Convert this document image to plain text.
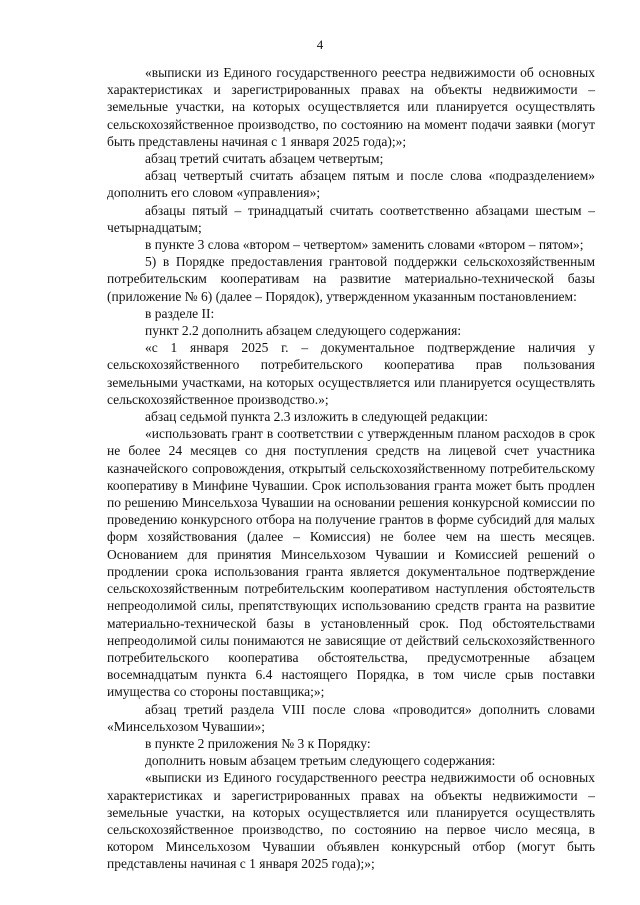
4

«выписки из Единого государственного реестра недвижимости об основных характеристиках и зарегистрированных правах на объекты недвижимости – земельные участки, на которых осуществляется или планируется осуществлять сельскохозяйственное производство, по состоянию на момент подачи заявки (могут быть представлены начиная с 1 января 2025 года);»;

абзац третий считать абзацем четвертым;

абзац четвертый считать абзацем пятым и после слова «подразделением» дополнить его словом «управления»;

абзацы пятый – тринадцатый считать соответственно абзацами шестым – четырнадцатым;

в пункте 3 слова «втором – четвертом» заменить словами «втором – пятом»;

5) в Порядке предоставления грантовой поддержки сельскохозяйственным потребительским кооперативам на развитие материально-технической базы (приложение № 6) (далее – Порядок), утвержденном указанным постановлением:

в разделе II:

пункт 2.2 дополнить абзацем следующего содержания:

«с 1 января 2025 г. – документальное подтверждение наличия у сельскохозяйственного потребительского кооператива прав пользования земельными участками, на которых осуществляется или планируется осуществлять сельскохозяйственное производство.»;

абзац седьмой пункта 2.3 изложить в следующей редакции:

«использовать грант в соответствии с утвержденным планом расходов в срок не более 24 месяцев со дня поступления средств на лицевой счет участника казначейского сопровождения, открытый сельскохозяйственному потребительскому кооперативу в Минфине Чувашии. Срок использования гранта может быть продлен по решению Минсельхоза Чувашии на основании решения конкурсной комиссии по проведению конкурсного отбора на получение грантов в форме субсидий для малых форм хозяйствования (далее – Комиссия) не более чем на шесть месяцев. Основанием для принятия Минсельхозом Чувашии и Комиссией решений о продлении срока использования гранта является документальное подтверждение сельскохозяйственным потребительским кооперативом наступления обстоятельств непреодолимой силы, препятствующих использованию средств гранта на развитие материально-технической базы в установленный срок. Под обстоятельствами непреодолимой силы понимаются не зависящие от действий сельскохозяйственного потребительского кооператива обстоятельства, предусмотренные абзацем восемнадцатым пункта 6.4 настоящего Порядка, в том числе срыв поставки имущества со стороны поставщика;»;

абзац третий раздела VIII после слова «проводится» дополнить словами «Минсельхозом Чувашии»;

в пункте 2 приложения № 3 к Порядку:

дополнить новым абзацем третьим следующего содержания:

«выписки из Единого государственного реестра недвижимости об основных характеристиках и зарегистрированных правах на объекты недвижимости – земельные участки, на которых осуществляется или планируется осуществлять сельскохозяйственное производство, по состоянию на первое число месяца, в котором Минсельхозом Чувашии объявлен конкурсный отбор (могут быть представлены начиная с 1 января 2025 года);»;
